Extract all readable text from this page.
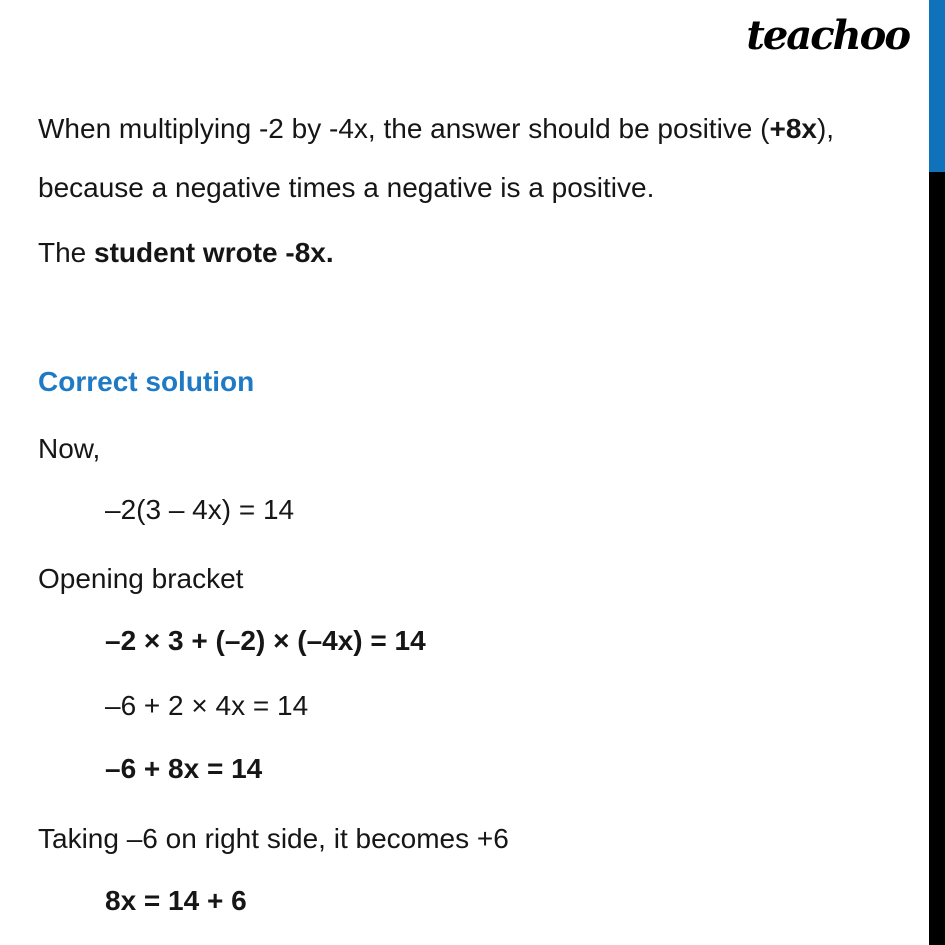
teachoo
When multiplying -2 by -4x, the answer should be positive (+8x),
because a negative times a negative is a positive.
The student wrote -8x.
Correct solution
Now,
–2(3 – 4x) = 14
Opening bracket
–2 × 3 + (–2) × (–4x) = 14
–6 + 2 × 4x = 14
–6 + 8x = 14
Taking –6 on right side, it becomes +6
8x = 14 + 6
